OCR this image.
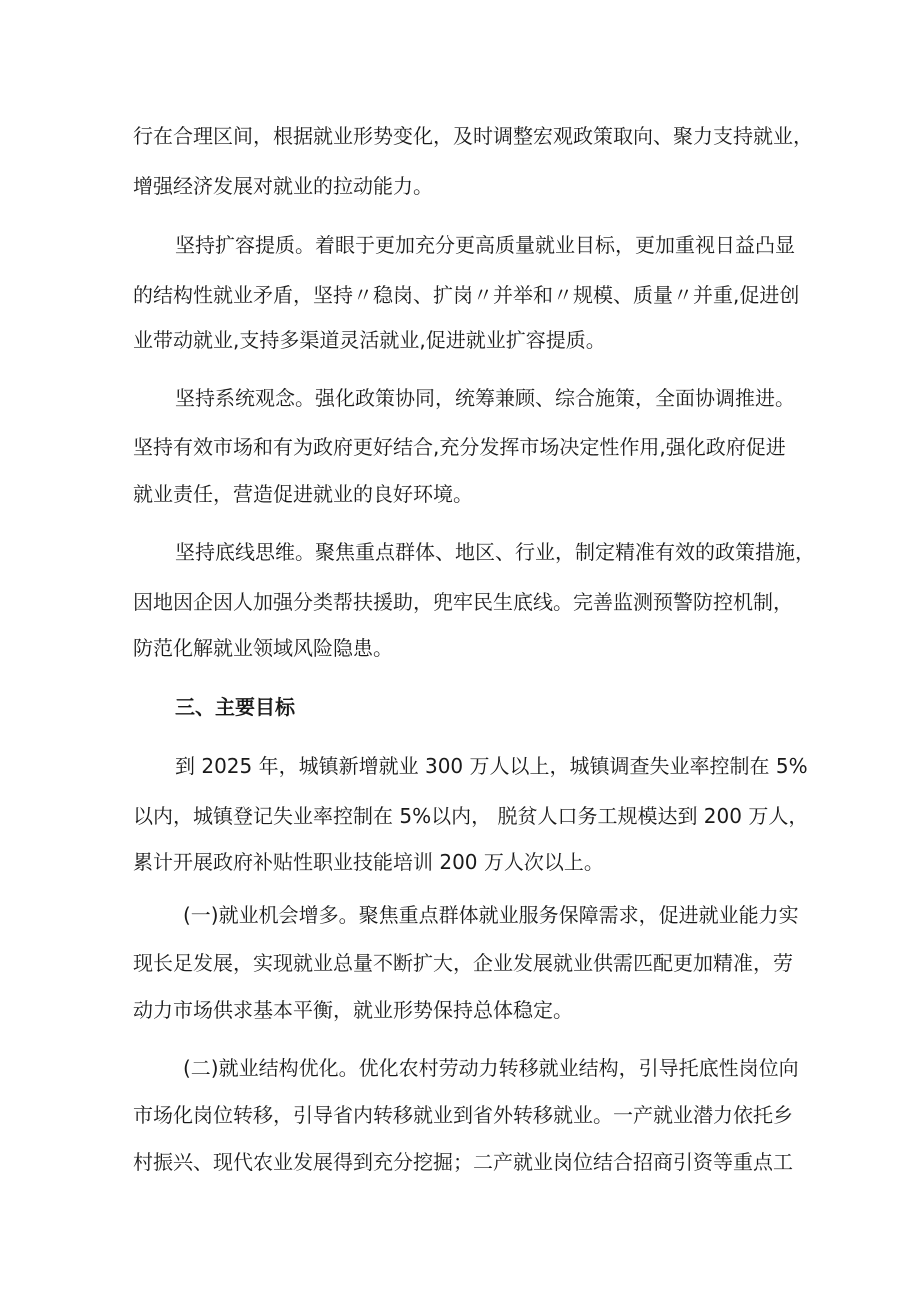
行在合理区间，根据就业形势变化，及时调整宏观政策取向、聚力支持就业，
增强经济发展对就业的拉动能力。
坚持扩容提质。着眼于更加充分更高质量就业目标，更加重视日益凸显
的结构性就业矛盾，坚持〃稳岗、扩岗〃并举和〃规模、质量〃并重,促进创
业带动就业,支持多渠道灵活就业,促进就业扩容提质。
坚持系统观念。强化政策协同，统筹兼顾、综合施策，全面协调推进。
坚持有效市场和有为政府更好结合,充分发挥市场决定性作用,强化政府促进
就业责任，营造促进就业的良好环境。
坚持底线思维。聚焦重点群体、地区、行业，制定精准有效的政策措施，
因地因企因人加强分类帮扶援助，兜牢民生底线。完善监测预警防控机制，
防范化解就业领域风险隐患。
三、主要目标
到 2025 年，城镇新增就业 300 万人以上，城镇调查失业率控制在 5%
以内，城镇登记失业率控制在 5%以内， 脱贫人口务工规模达到 200 万人，
累计开展政府补贴性职业技能培训 200 万人次以上。
(一)就业机会增多。聚焦重点群体就业服务保障需求，促进就业能力实
现长足发展，实现就业总量不断扩大，企业发展就业供需匹配更加精准，劳
动力市场供求基本平衡，就业形势保持总体稳定。
(二)就业结构优化。优化农村劳动力转移就业结构，引导托底性岗位向
市场化岗位转移，引导省内转移就业到省外转移就业。一产就业潜力依托乡
村振兴、现代农业发展得到充分挖掘；二产就业岗位结合招商引资等重点工
